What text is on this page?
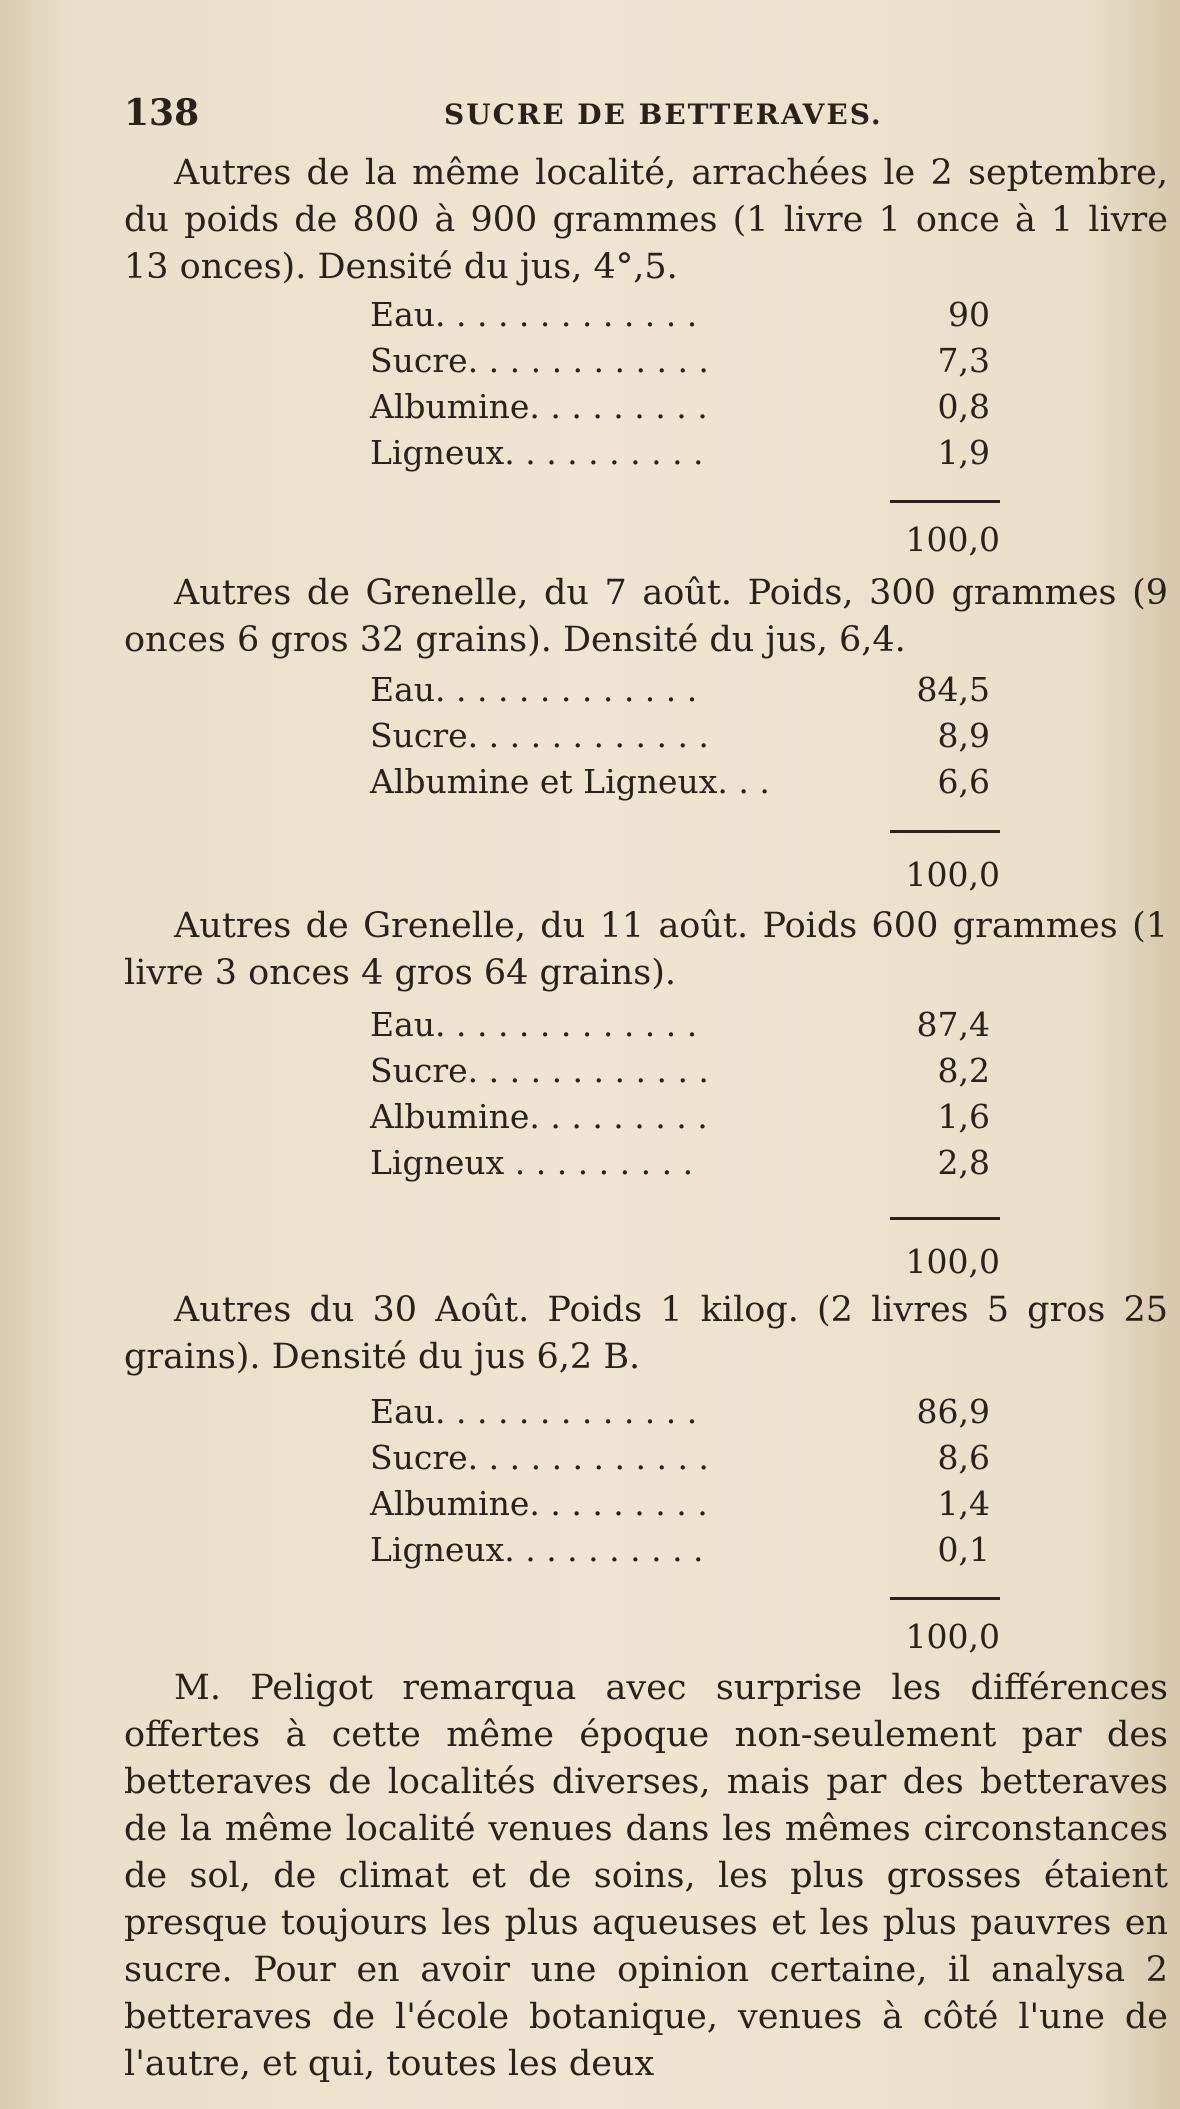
138	SUCRE DE BETTERAVES.

Autres de la même localité, arrachées le 2 septembre, du poids de 800 à 900 grammes (1 livre 1 once à 1 livre 13 onces). Densité du jus, 4°,5.

Eau. . . . . . . . . . . . .	90
Sucre. . . . . . . . . . . .	7,3
Albumine. . . . . . . . .	0,8
Ligneux. . . . . . . . . .	1,9
100,0

Autres de Grenelle, du 7 août. Poids, 300 grammes (9 onces 6 gros 32 grains). Densité du jus, 6,4.

Eau. . . . . . . . . . . . .	84,5
Sucre. . . . . . . . . . . .	8,9
Albumine et Ligneux. . .	6,6
100,0

Autres de Grenelle, du 11 août. Poids 600 grammes (1 livre 3 onces 4 gros 64 grains).

Eau. . . . . . . . . . . . .	87,4
Sucre. . . . . . . . . . . .	8,2
Albumine. . . . . . . . .	1,6
Ligneux . . . . . . . . .	2,8
100,0

Autres du 30 Août. Poids 1 kilog. (2 livres 5 gros 25 grains). Densité du jus 6,2 B.

Eau. . . . . . . . . . . . .	86,9
Sucre. . . . . . . . . . . .	8,6
Albumine. . . . . . . . .	1,4
Ligneux. . . . . . . . . .	0,1
100,0

M. Peligot remarqua avec surprise les différences offertes à cette même époque non-seulement par des betteraves de localités diverses, mais par des betteraves de la même localité venues dans les mêmes circonstances de sol, de climat et de soins, les plus grosses étaient presque toujours les plus aqueuses et les plus pauvres en sucre. Pour en avoir une opinion certaine, il analysa 2 betteraves de l'école botanique, venues à côté l'une de l'autre, et qui, toutes les deux
